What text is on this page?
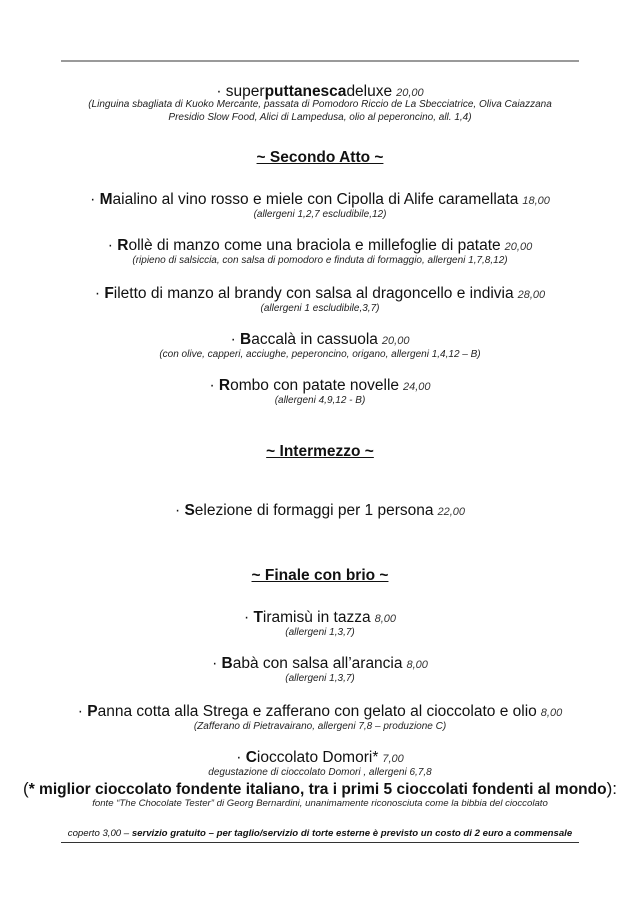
· superputtanescadeluxe 20,00
(Linguina sbagliata di Kuoko Mercante, passata di Pomodoro Riccio de La Sbecciatrice, Oliva Caiazzana
Presidio Slow Food, Alici di Lampedusa, olio al peperoncino, all. 1,4)
~ Secondo Atto ~
· Maialino al vino rosso e miele con Cipolla di Alife caramellata 18,00
(allergeni 1,2,7 escludibile,12)
· Rollè di manzo come una braciola e millefoglie di patate 20,00
(ripieno di salsiccia, con salsa di pomodoro e finduta di formaggio, allergeni 1,7,8,12)
· Filetto di manzo al brandy con salsa al dragoncello e indivia 28,00
(allergeni 1 escludibile,3,7)
· Baccalà in cassuola 20,00
(con olive, capperi, acciughe, peperoncino, origano, allergeni 1,4,12 – B)
· Rombo con patate novelle 24,00
(allergeni 4,9,12 - B)
~ Intermezzo ~
· Selezione di formaggi per 1 persona 22,00
~ Finale con brio ~
· Tiramisù in tazza 8,00
(allergeni 1,3,7)
· Babà con salsa all’arancia 8,00
(allergeni 1,3,7)
· Panna cotta alla Strega e zafferano con gelato al cioccolato e olio 8,00
(Zafferano di Pietravairano, allergeni 7,8 – produzione C)
· Cioccolato Domori* 7,00
degustazione di cioccolato Domori , allergeni 6,7,8
(* miglior cioccolato fondente italiano, tra i primi 5 cioccolati fondenti al mondo):
fonte “The Chocolate Tester” di Georg Bernardini, unanimamente riconosciuta come la bibbia del cioccolato
coperto 3,00 – servizio gratuito – per taglio/servizio di torte esterne è previsto un costo di 2 euro a commensale
